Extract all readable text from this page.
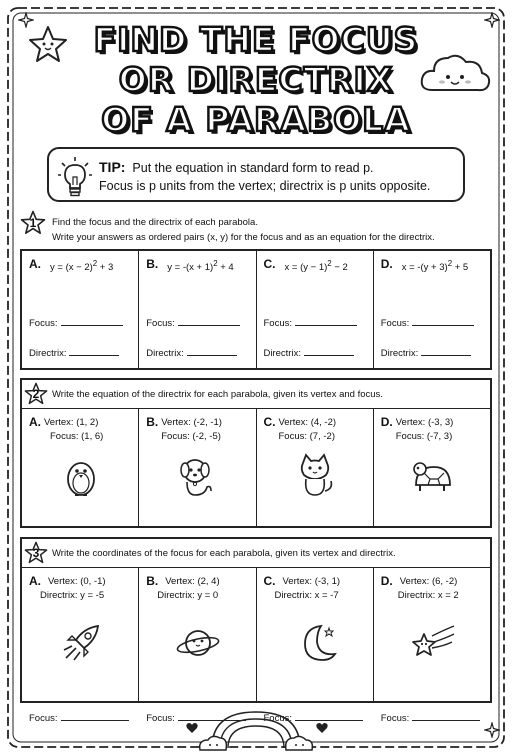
FIND THE FOCUS
OR DIRECTRIX
OF A PARABOLA
TIP: Put the equation in standard form to read p.
Focus is p units from the vertex; directrix is p units opposite.
1	Find the focus and the directrix of each parabola.
Write your answers as ordered pairs (x, y) for the focus and as an equation for the directrix.
A. $y = (x - 2)^2 + 3$
Focus:
Directrix:
B. $y = -(x + 1)^2 + 4$
Focus:
Directrix:
C. $x = (y - 1)^2 - 2$
Focus:
Directrix:
D. $x = -(y + 3)^2 + 5$
Focus:
Directrix:
2	Write the equation of the directrix for each parabola, given its vertex and focus.
A. Vertex: (1, 2)
Focus: (1, 6)
B. Vertex: (-2, -1)
Focus: (-2, -5)
C. Vertex: (4, -2)
Focus: (7, -2)
D. Vertex: (-3, 3)
Focus: (-7, 3)
3	Write the coordinates of the focus for each parabola, given its vertex and directrix.
A. Vertex: (0, -1)
Directrix: y = -5
Focus:
B. Vertex: (2, 4)
Directrix: y = 0
Focus:
C. Vertex: (-3, 1)
Directrix: x = -7
Focus:
D. Vertex: (6, -2)
Directrix: x = 2
Focus:
